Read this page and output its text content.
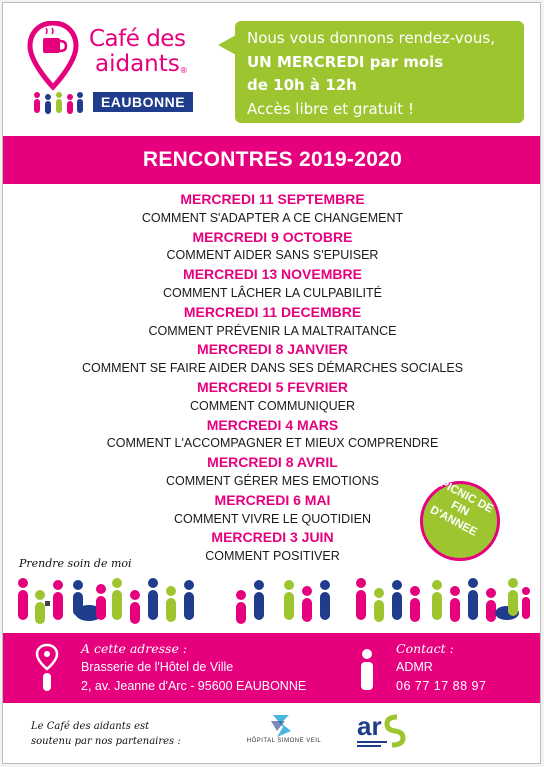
Café des
aidants®
EAUBONNE
Nous vous donnons rendez-vous,
UN MERCREDI par mois
de 10h à 12h
Accès libre et gratuit !
RENCONTRES 2019-2020
MERCREDI 11 SEPTEMBRE
COMMENT S'ADAPTER A CE CHANGEMENT
MERCREDI 9 OCTOBRE
COMMENT AIDER SANS S'EPUISER
MERCREDI 13 NOVEMBRE
COMMENT LÂCHER LA CULPABILITÉ
MERCREDI 11 DECEMBRE
COMMENT PRÉVENIR LA MALTRAITANCE
MERCREDI 8 JANVIER
COMMENT SE FAIRE AIDER DANS SES DÉMARCHES SOCIALES
MERCREDI 5 FEVRIER
COMMENT COMMUNIQUER
MERCREDI 4 MARS
COMMENT L'ACCOMPAGNER ET MIEUX COMPRENDRE
MERCREDI 8 AVRIL
COMMENT GÉRER MES EMOTIONS
MERCREDI 6 MAI
COMMENT VIVRE LE QUOTIDIEN
MERCREDI 3 JUIN
COMMENT POSITIVER
PICNIC DE FIN D'ANNEE
Prendre soin de moi
A cette adresse :
Brasserie de l'Hôtel de Ville
2, av. Jeanne d'Arc - 95600 EAUBONNE
Contact :
ADMR
06 77 17 88 97
Le Café des aidants est soutenu par nos partenaires :	HÔPITAL SIMONE VEIL ar
